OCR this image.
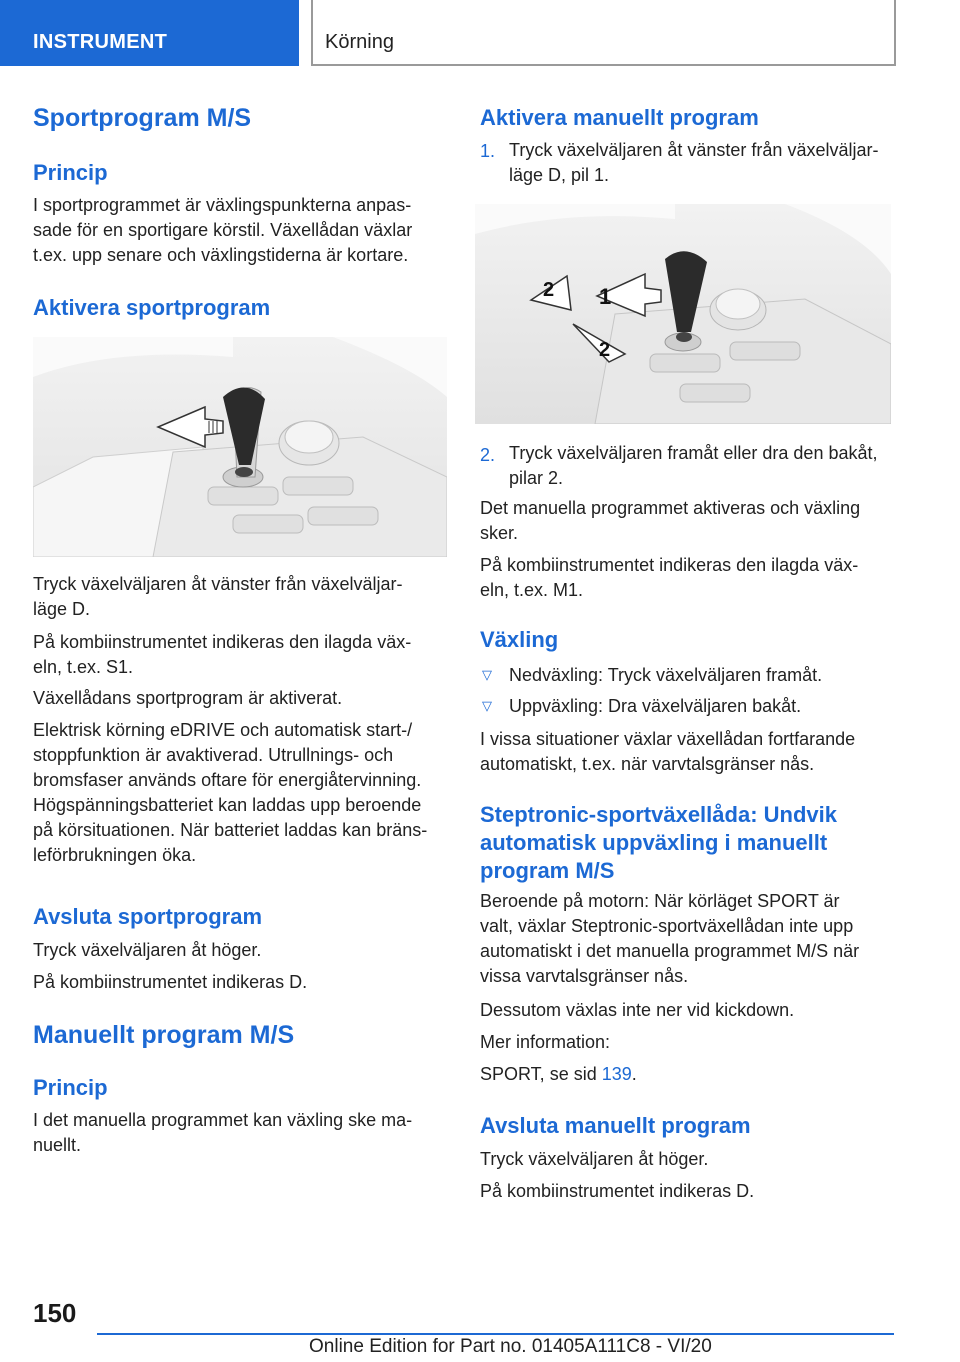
INSTRUMENT	Körning
Sportprogram M/S
Princip
I sportprogrammet är växlingspunkterna anpas-
sade för en sportigare körstil. Växellådan växlar
t.ex. upp senare och växlingstiderna är kortare.
Aktivera sportprogram
Tryck växelväljaren åt vänster från växelväljar-
läge D.
På kombiinstrumentet indikeras den ilagda väx-
eln, t.ex. S1.
Växellådans sportprogram är aktiverat.
Elektrisk körning eDRIVE och automatisk start-/
stoppfunktion är avaktiverad. Utrullnings- och
bromsfaser används oftare för energiåtervinning.
Högspänningsbatteriet kan laddas upp beroende
på körsituationen. När batteriet laddas kan bräns-
leförbrukningen öka.
Avsluta sportprogram
Tryck växelväljaren åt höger.
På kombiinstrumentet indikeras D.
Manuellt program M/S
Princip
I det manuella programmet kan växling ske ma-
nuellt.
Aktivera manuellt program
1. Tryck växelväljaren åt vänster från växelväljar-
läge D, pil 1.
2 1
2
2. Tryck växelväljaren framåt eller dra den bakåt,
pilar 2.
Det manuella programmet aktiveras och växling
sker.
På kombiinstrumentet indikeras den ilagda väx-
eln, t.ex. M1.
Växling
▽ Nedväxling: Tryck växelväljaren framåt.
▽ Uppväxling: Dra växelväljaren bakåt.
I vissa situationer växlar växellådan fortfarande
automatiskt, t.ex. när varvtalsgränser nås.
Steptronic-sportväxellåda: Undvik
automatisk uppväxling i manuellt
program M/S
Beroende på motorn: När körläget SPORT är
valt, växlar Steptronic-sportväxellådan inte upp
automatiskt i det manuella programmet M/S när
vissa varvtalsgränser nås.
Dessutom växlas inte ner vid kickdown.
Mer information:
SPORT, se sid 139.
Avsluta manuellt program
Tryck växelväljaren åt höger.
På kombiinstrumentet indikeras D.
150
Online Edition for Part no. 01405A111C8 - VI/20
